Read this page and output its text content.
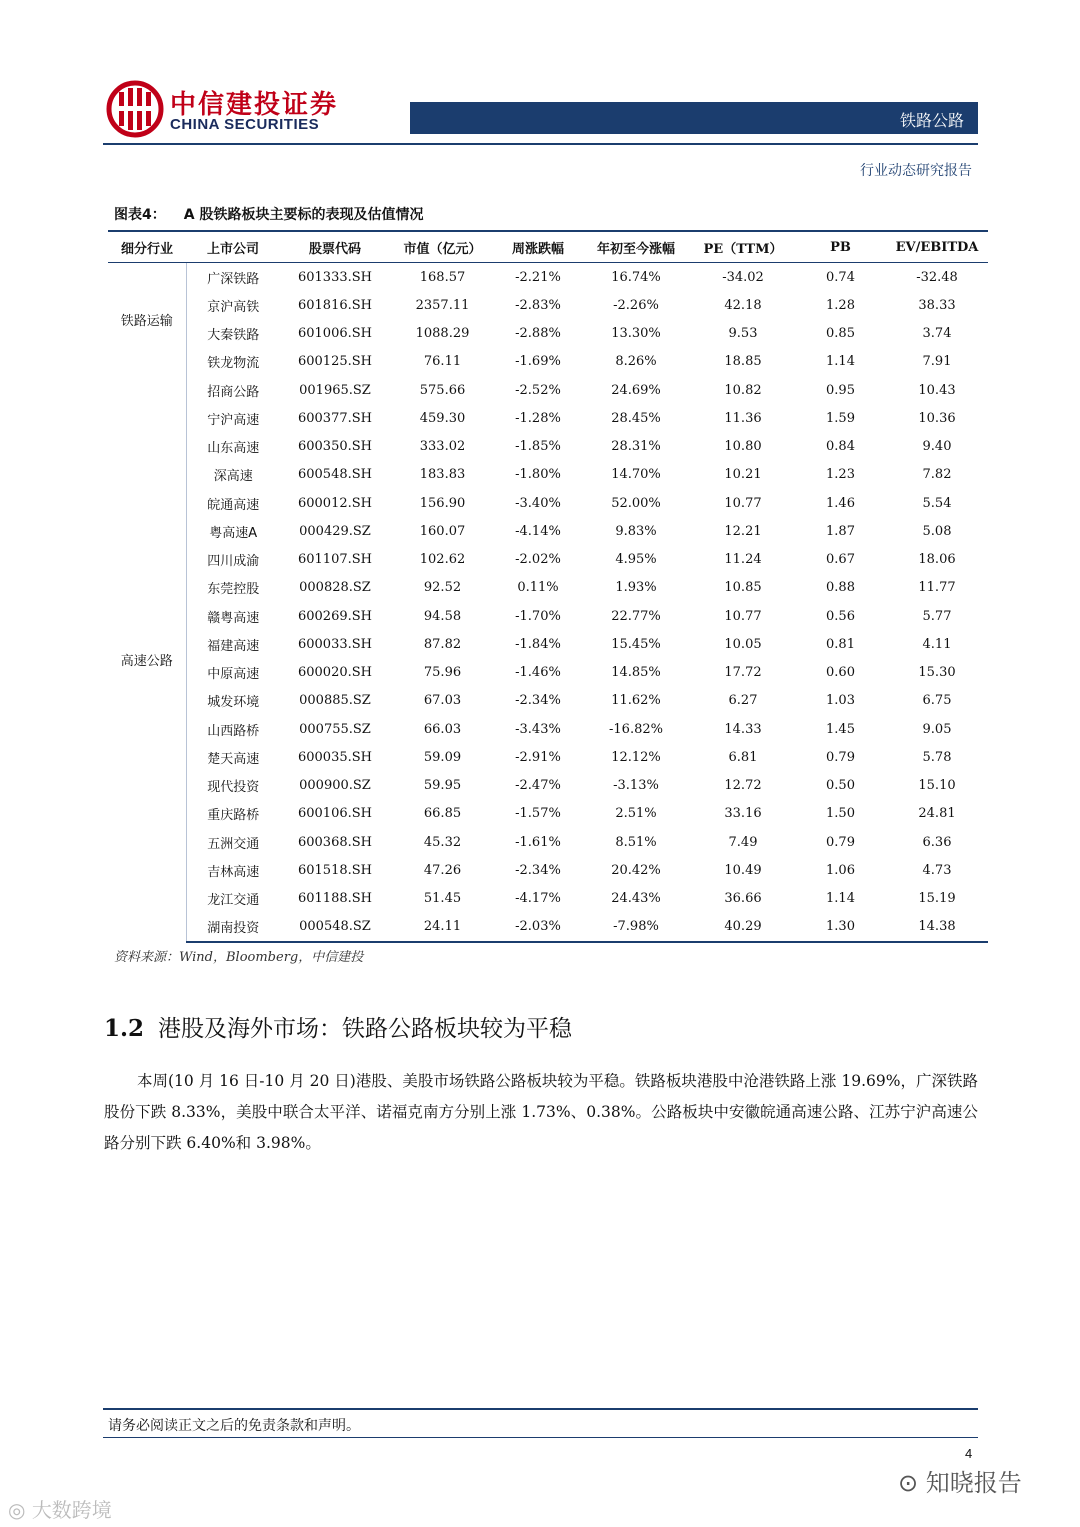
中信建投证券
CHINA SECURITIES	铁路公路
行业动态研究报告
图表4： A 股铁路板块主要标的表现及估值情况
细分行业	上市公司	股票代码	市值（亿元）	周涨跌幅	年初至今涨幅	PE（TTM）	PB	EV/EBITDA
铁路运输	广深铁路	601333.SH	168.57	-2.21%	16.74%	-34.02	0.74	-32.48
	京沪高铁	601816.SH	2357.11	-2.83%	-2.26%	42.18	1.28	38.33
	大秦铁路	601006.SH	1088.29	-2.88%	13.30%	9.53	0.85	3.74
	铁龙物流	600125.SH	76.11	-1.69%	8.26%	18.85	1.14	7.91
高速公路	招商公路	001965.SZ	575.66	-2.52%	24.69%	10.82	0.95	10.43
	宁沪高速	600377.SH	459.30	-1.28%	28.45%	11.36	1.59	10.36
	山东高速	600350.SH	333.02	-1.85%	28.31%	10.80	0.84	9.40
	深高速	600548.SH	183.83	-1.80%	14.70%	10.21	1.23	7.82
	皖通高速	600012.SH	156.90	-3.40%	52.00%	10.77	1.46	5.54
	粤高速A	000429.SZ	160.07	-4.14%	9.83%	12.21	1.87	5.08
	四川成渝	601107.SH	102.62	-2.02%	4.95%	11.24	0.67	18.06
	东莞控股	000828.SZ	92.52	0.11%	1.93%	10.85	0.88	11.77
	赣粤高速	600269.SH	94.58	-1.70%	22.77%	10.77	0.56	5.77
	福建高速	600033.SH	87.82	-1.84%	15.45%	10.05	0.81	4.11
	中原高速	600020.SH	75.96	-1.46%	14.85%	17.72	0.60	15.30
	城发环境	000885.SZ	67.03	-2.34%	11.62%	6.27	1.03	6.75
	山西路桥	000755.SZ	66.03	-3.43%	-16.82%	14.33	1.45	9.05
	楚天高速	600035.SH	59.09	-2.91%	12.12%	6.81	0.79	5.78
	现代投资	000900.SZ	59.95	-2.47%	-3.13%	12.72	0.50	15.10
	重庆路桥	600106.SH	66.85	-1.57%	2.51%	33.16	1.50	24.81
	五洲交通	600368.SH	45.32	-1.61%	8.51%	7.49	0.79	6.36
	吉林高速	601518.SH	47.26	-2.34%	20.42%	10.49	1.06	4.73
	龙江交通	601188.SH	51.45	-4.17%	24.43%	36.66	1.14	15.19
	湖南投资	000548.SZ	24.11	-2.03%	-7.98%	40.29	1.30	14.38
资料来源：Wind，Bloomberg，中信建投
1.2 港股及海外市场：铁路公路板块较为平稳
本周(10 月 16 日-10 月 20 日)港股、美股市场铁路公路板块较为平稳。铁路板块港股中沧港铁路上涨 19.69%，广深铁路股份下跌 8.33%，美股中联合太平洋、诺福克南方分别上涨 1.73%、0.38%。公路板块中安徽皖通高速公路、江苏宁沪高速公路分别下跌 6.40%和 3.98%。
请务必阅读正文之后的免责条款和声明。
4
⊙ 知晓报告
◎ 大数跨境
